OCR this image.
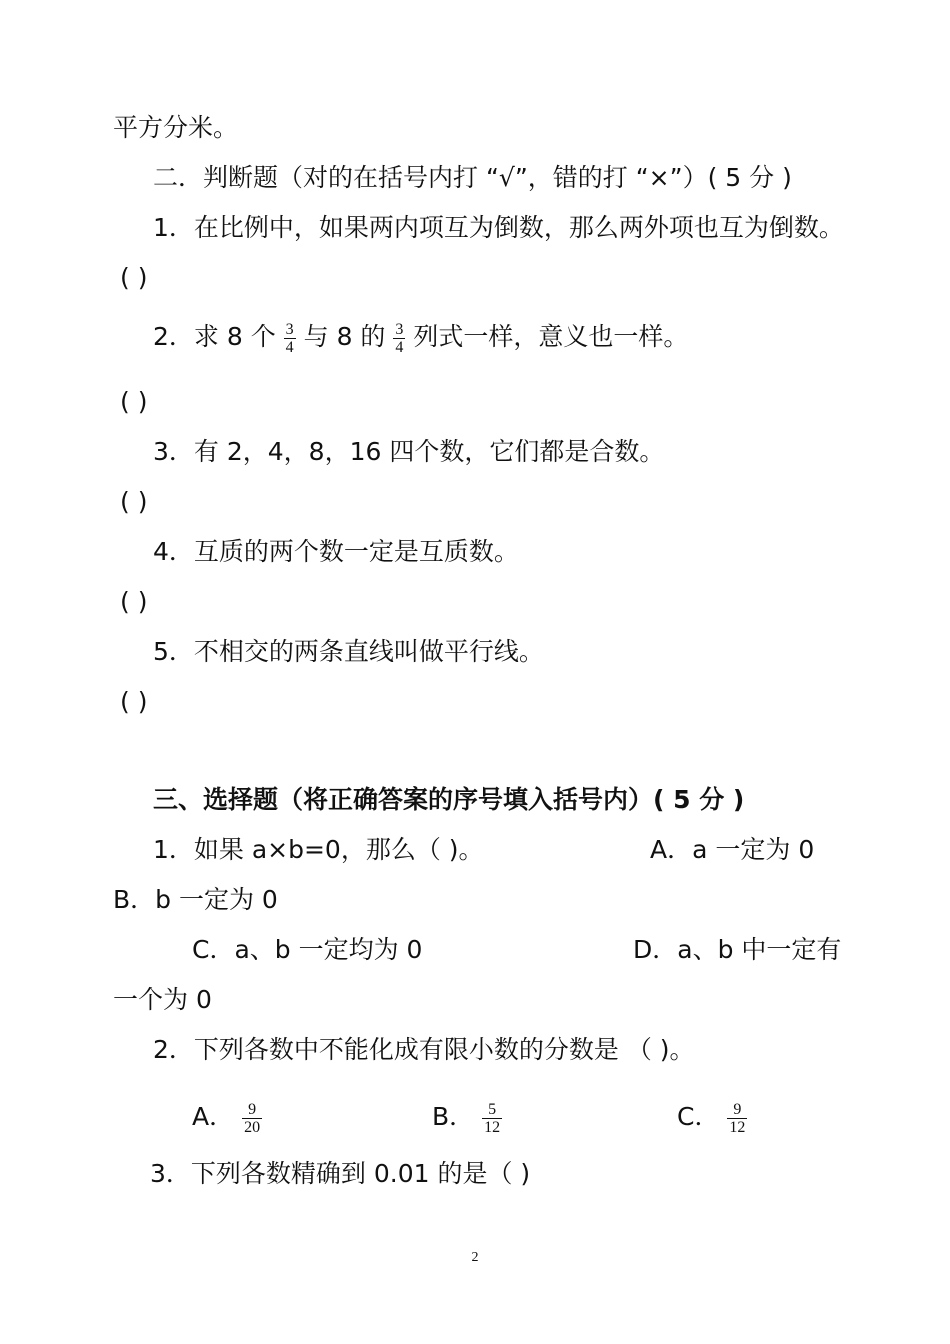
平方分米。
二．判断题（对的在括号内打 “√”，错的打 “×”）( 5 分 )
1．在比例中，如果两内项互为倒数，那么两外项也互为倒数。
( )
2．求 8 个 $\frac{3}{4}$ 与 8 的 $\frac{3}{4}$ 列式一样，意义也一样。
( )
3．有 2，4，8，16 四个数，它们都是合数。
( )
4．互质的两个数一定是互质数。
( )
5．不相交的两条直线叫做平行线。
( )
三、选择题（将正确答案的序号填入括号内）( 5 分 )
1．如果 a×b=0，那么（ )。	A．a 一定为 0
B．b 一定为 0
C．a、b 一定均为 0	D．a、b 中一定有
一个为 0
2．下列各数中不能化成有限小数的分数是 （ )。
A． $\frac{9}{20}$	B． $\frac{5}{12}$	C． $\frac{9}{12}$
3．下列各数精确到 0.01 的是（ )
2
